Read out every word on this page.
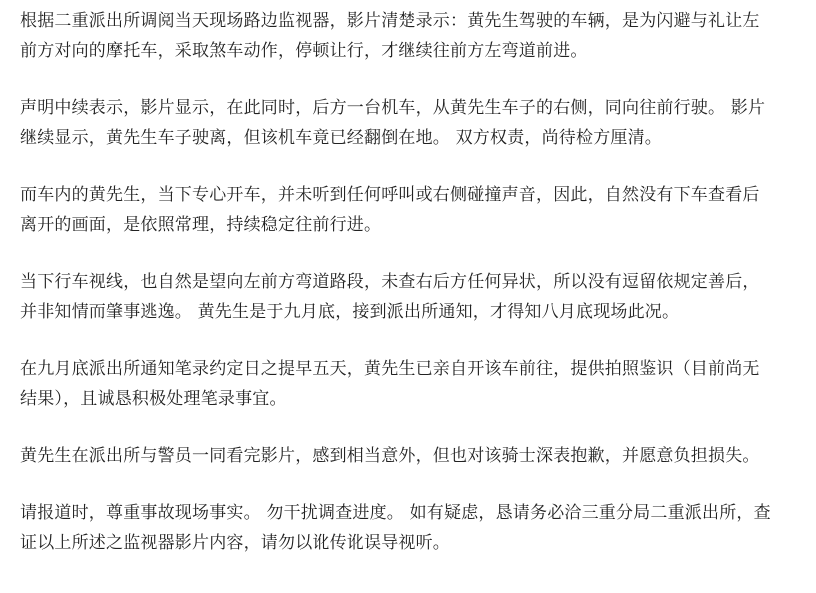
根据二重派出所调阅当天现场路边监视器，影片清楚录示：黄先生驾驶的车辆，是为闪避与礼让左
前方对向的摩托车，采取煞车动作，停顿让行，才继续往前方左弯道前进。

声明中续表示，影片显示，在此同时，后方一台机车，从黄先生车子的右侧，同向往前行驶。 影片
继续显示，黄先生车子驶离，但该机车竟已经翻倒在地。 双方权责，尚待检方厘清。

而车内的黄先生，当下专心开车，并未听到任何呼叫或右侧碰撞声音，因此，自然没有下车查看后
离开的画面，是依照常理，持续稳定往前行进。

当下行车视线，也自然是望向左前方弯道路段，未查右后方任何异状，所以没有逗留依规定善后，
并非知情而肇事逃逸。 黄先生是于九月底，接到派出所通知，才得知八月底现场此况。

在九月底派出所通知笔录约定日之提早五天，黄先生已亲自开该车前往，提供拍照鉴识（目前尚无
结果），且诚恳积极处理笔录事宜。

黄先生在派出所与警员一同看完影片，感到相当意外，但也对该骑士深表抱歉，并愿意负担损失。

请报道时，尊重事故现场事实。 勿干扰调查进度。 如有疑虑，恳请务必洽三重分局二重派出所，查
证以上所述之监视器影片内容，请勿以讹传讹误导视听。
